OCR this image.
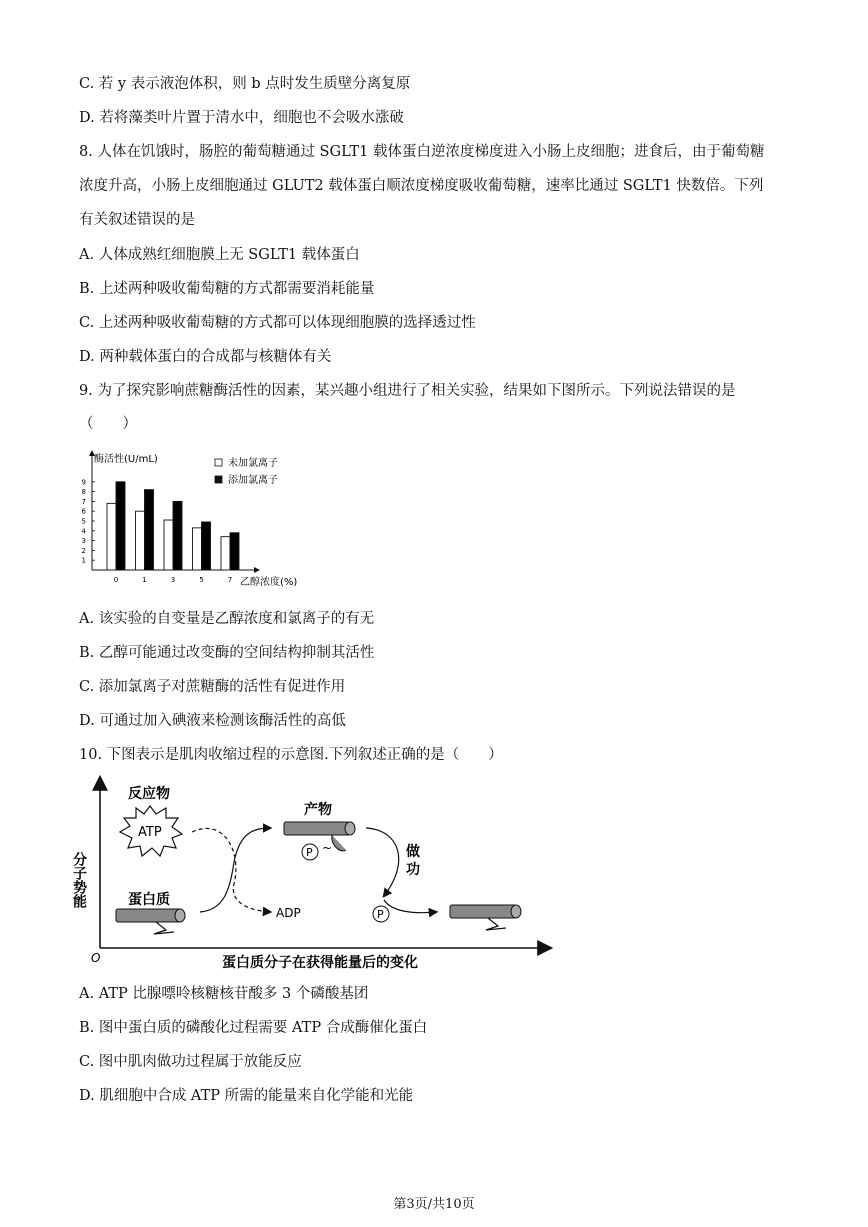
C. 若 y 表示液泡体积，则 b 点时发生质壁分离复原
D. 若将藻类叶片置于清水中，细胞也不会吸水涨破
8. 人体在饥饿时，肠腔的葡萄糖通过 SGLT1 载体蛋白逆浓度梯度进入小肠上皮细胞；进食后，由于葡萄糖
浓度升高，小肠上皮细胞通过 GLUT2 载体蛋白顺浓度梯度吸收葡萄糖，速率比通过 SGLT1 快数倍。下列
有关叙述错误的是
A. 人体成熟红细胞膜上无 SGLT1 载体蛋白
B. 上述两种吸收葡萄糖的方式都需要消耗能量
C. 上述两种吸收葡萄糖的方式都可以体现细胞膜的选择透过性
D. 两种载体蛋白的合成都与核糖体有关
9. 为了探究影响蔗糖酶活性的因素，某兴趣小组进行了相关实验，结果如下图所示。下列说法错误的是
（　　）
A. 该实验的自变量是乙醇浓度和氯离子的有无
B. 乙醇可能通过改变酶的空间结构抑制其活性
C. 添加氯离子对蔗糖酶的活性有促进作用
D. 可通过加入碘液来检测该酶活性的高低
10. 下图表示是肌肉收缩过程的示意图.下列叙述正确的是（　　）
A. ATP 比腺嘌呤核糖核苷酸多 3 个磷酸基团
B. 图中蛋白质的磷酸化过程需要 ATP 合成酶催化蛋白
C. 图中肌肉做功过程属于放能反应
D. 肌细胞中合成 ATP 所需的能量来自化学能和光能
1
2
3
4
5
6
7
8
9
酶活性(U/mL)
乙醇浓度(%)
未加氯离子
添加氯离子
0	1	3	5	7
O	蛋白质分子在获得能量后的变化
分子势能
反应物
ATP
蛋白质
ADP
产物
P ~	做
功
P
第3页/共10页
